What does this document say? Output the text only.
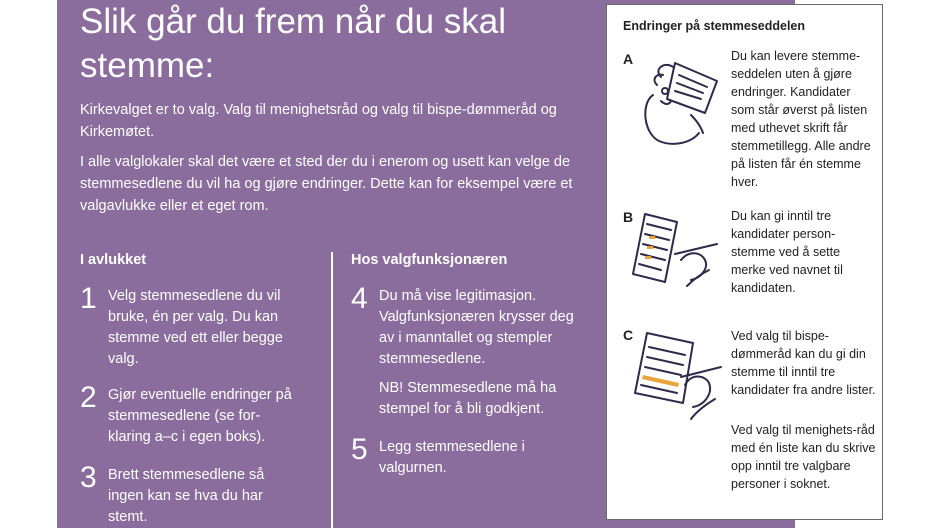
Slik går du frem når du skal stemme:
Kirkevalget er to valg. Valg til menighetsråd og valg til bispe-dømmeråd og Kirkemøtet.
I alle valglokaler skal det være et sted der du i enerom og usett kan velge de stemmesedlene du vil ha og gjøre endringer. Dette kan for eksempel være et valgavlukke eller et eget rom.
I avlukket	Hos valgfunksjonæren
1 Velg stemmesedlene du vil bruke, én per valg. Du kan stemme ved ett eller begge valg.
2 Gjør eventuelle endringer på stemmesedlene (se for-klaring a–c i egen boks).
3 Brett stemmesedlene så ingen kan se hva du har stemt.
4 Du må vise legitimasjon. Valgfunksjonæren krysser deg av i manntallet og stempler stemmesedlene.
NB! Stemmesedlene må ha stempel for å bli godkjent.
5 Legg stemmesedlene i valgurnen.
Endringer på stemmeseddelen
A	Du kan levere stemme-seddelen uten å gjøre endringer. Kandidater som står øverst på listen med uthevet skrift får stemmetillegg. Alle andre på listen får én stemme hver.
B	Du kan gi inntil tre kandidater person-stemme ved å sette merke ved navnet til kandidaten.
C	Ved valg til bispe-dømmeråd kan du gi din stemme til inntil tre kandidater fra andre lister.
Ved valg til menighets-råd med én liste kan du skrive opp inntil tre valgbare personer i soknet.
